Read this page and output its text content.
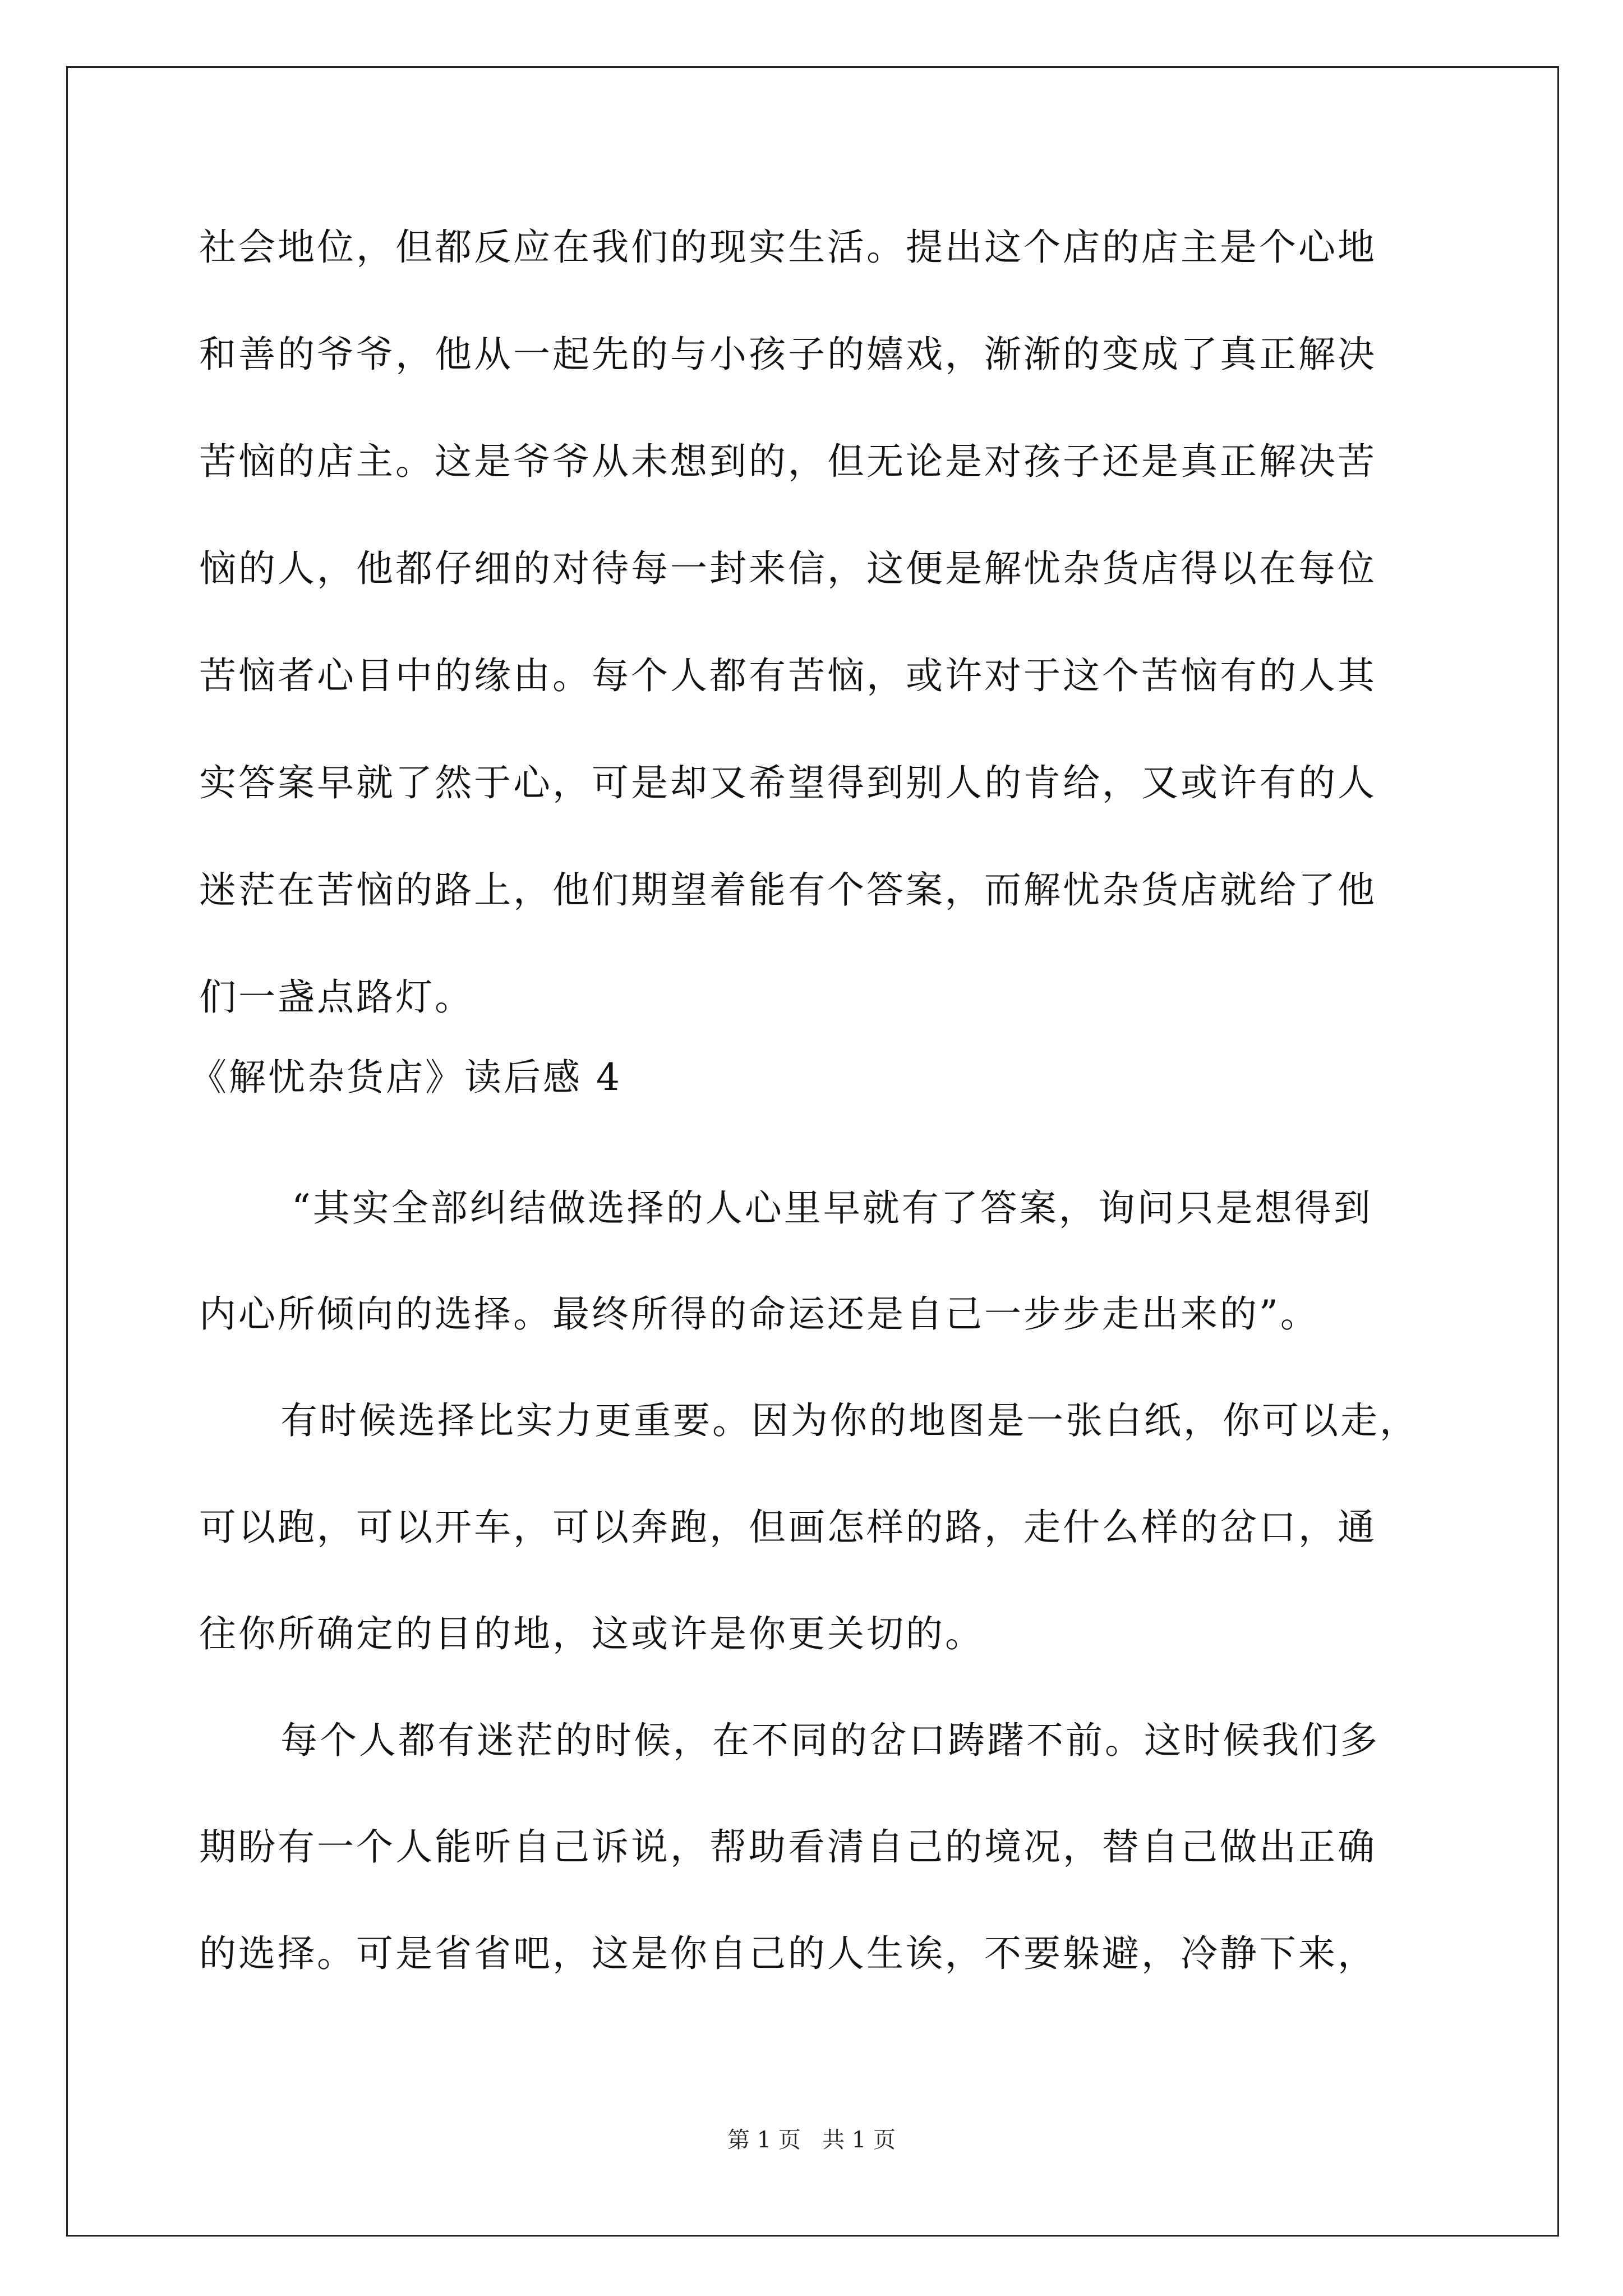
社会地位，但都反应在我们的现实生活。提出这个店的店主是个心地
和善的爷爷，他从一起先的与小孩子的嬉戏，渐渐的变成了真正解决
苦恼的店主。这是爷爷从未想到的，但无论是对孩子还是真正解决苦
恼的人，他都仔细的对待每一封来信，这便是解忧杂货店得以在每位
苦恼者心目中的缘由。每个人都有苦恼，或许对于这个苦恼有的人其
实答案早就了然于心，可是却又希望得到别人的肯给，又或许有的人
迷茫在苦恼的路上，他们期望着能有个答案，而解忧杂货店就给了他
们一盏点路灯。
《解忧杂货店》读后感 4
“其实全部纠结做选择的人心里早就有了答案，询问只是想得到
内心所倾向的选择。最终所得的命运还是自己一步步走出来的”。
有时候选择比实力更重要。因为你的地图是一张白纸，你可以走，
可以跑，可以开车，可以奔跑，但画怎样的路，走什么样的岔口，通
往你所确定的目的地，这或许是你更关切的。
每个人都有迷茫的时候，在不同的岔口踌躇不前。这时候我们多
期盼有一个人能听自己诉说，帮助看清自己的境况，替自己做出正确
的选择。可是省省吧，这是你自己的人生诶，不要躲避，冷静下来，
第 1 页   共 1 页
